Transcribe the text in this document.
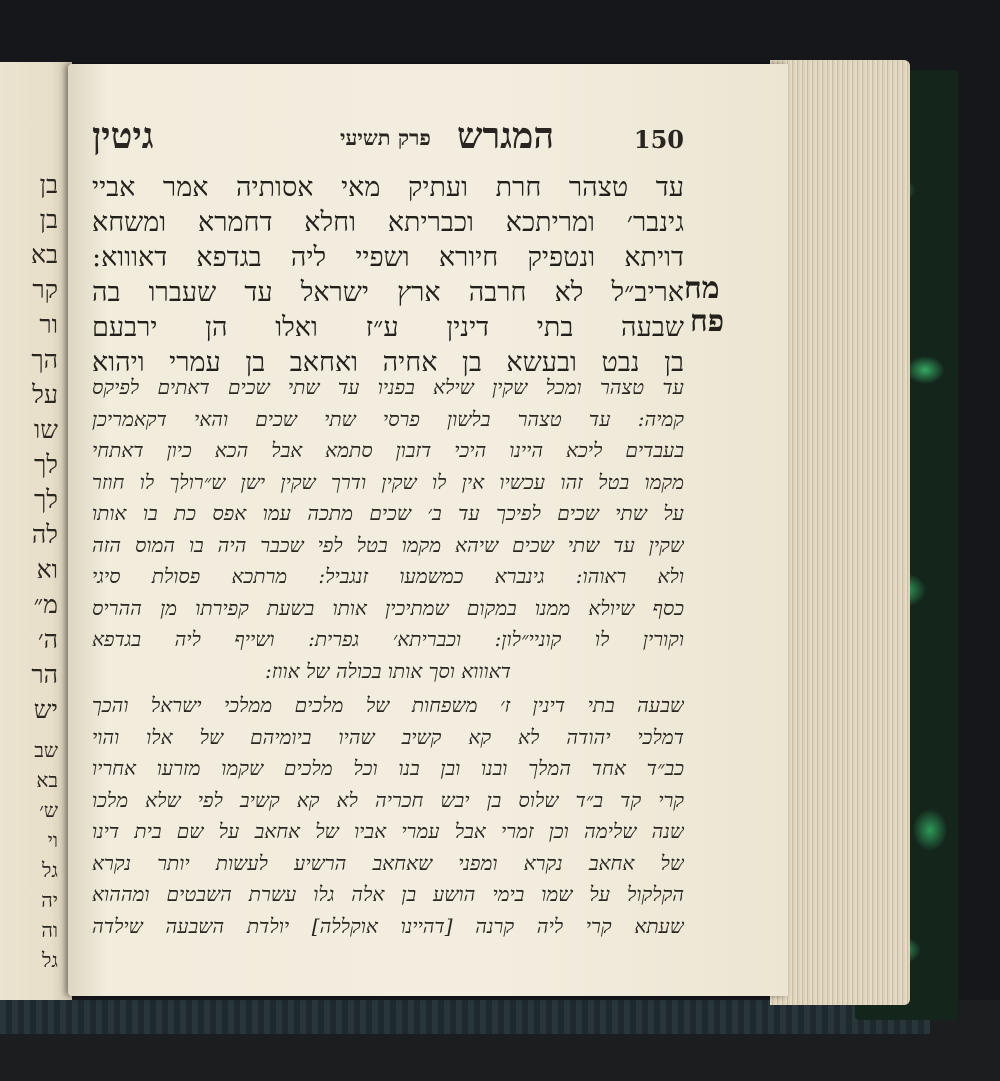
בן
בן
בא
קר
ור
הך
על
שו
לך
לך
לה
וא
מ״
ה׳
הר
יש
שב
בא
ש׳
וי
גל
יה
וה
גל
150
המגרש
פרק תשיעי
גיטין
עד טצהר חרת ועתיק מאי אסותיה אמר אביי
גינבר׳ ומריתכא וכבריתא וחלא דחמרא ומשחא
דויתא ונטפיק חיורא ושפיי ליה בגדפא דאוווא:
אריב״ל לא חרבה ארץ ישראל עד שעברו בה
שבעה בתי דינין ע״ז ואלו הן ירבעם
בן נבט ובעשא בן אחיה ואחאב בן עמרי ויהוא
מח
פח
עד טצהר ומכל שקין שילא בפניו עד שתי שכים דאתים לפיקס
קמיה: עד טצהר בלשון פרסי שתי שכים והאי דקאמריכן
בעבדים ליכא היינו היכי דזבון סתמא אבל הכא כיון דאתחי
מקמו בטל זהו עכשיו אין לו שקין ודרך שקין ישן ש״רולך לו חוזר
על שתי שכים לפיכך עד ב׳ שכים מתכה עמו אפס כת בו אותו
שקין עד שתי שכים שיהא מקמו בטל לפי שכבר היה בו המוס הזה
ולא ראוהו: גינברא כמשמעו זנגביל: מרתכא פסולת סיגי
כסף שיולא ממנו במקום שמתיכין אותו בשעת קפירתו מן ההריס
וקורין לו קוניי״לון: וכבריתא׳ גפרית: ושייף ליה בגדפא
דאוווא וסך אותו בכולה של אווז:
שבעה בתי דינין ז׳ משפחות של מלכים ממלכי ישראל והכך
דמלכי יהודה לא קא קשיב שהיו ביומיהם של אלו והוי
כב״ד אחד המלך ובנו ובן בנו וכל מלכים שקמו מזרעו אחריו
קרי קד ב״ד שלוס בן יבש חכריה לא קא קשיב לפי שלא מלכו
שנה שלימה וכן זמרי אבל עמרי אביו של אחאב על שם בית דינו
של אחאב נקרא ומפני שאחאב הרשיע לעשות יותר נקרא
הקלקול על שמו בימי הושע בן אלה גלו עשרת השבטים ומההוא
שעתא קרי ליה קרנה [דהיינו אוקללה] יולדת השבעה שילדה
